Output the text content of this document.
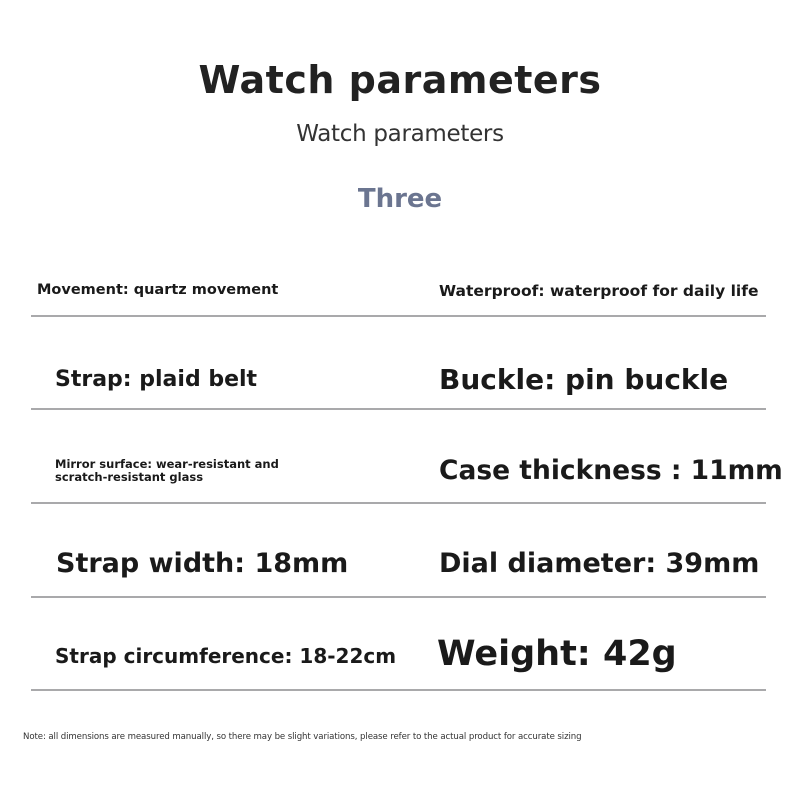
Watch parameters
Watch parameters
Three
Movement: quartz movement	Waterproof: waterproof for daily life
Strap: plaid belt	Buckle: pin buckle
Mirror surface: wear-resistant and scratch-resistant glass	Case thickness : 11mm
Strap width: 18mm	Dial diameter: 39mm
Strap circumference: 18-22cm Weight: 42g
Note: all dimensions are measured manually, so there may be slight variations, please refer to the actual product for accurate sizing
